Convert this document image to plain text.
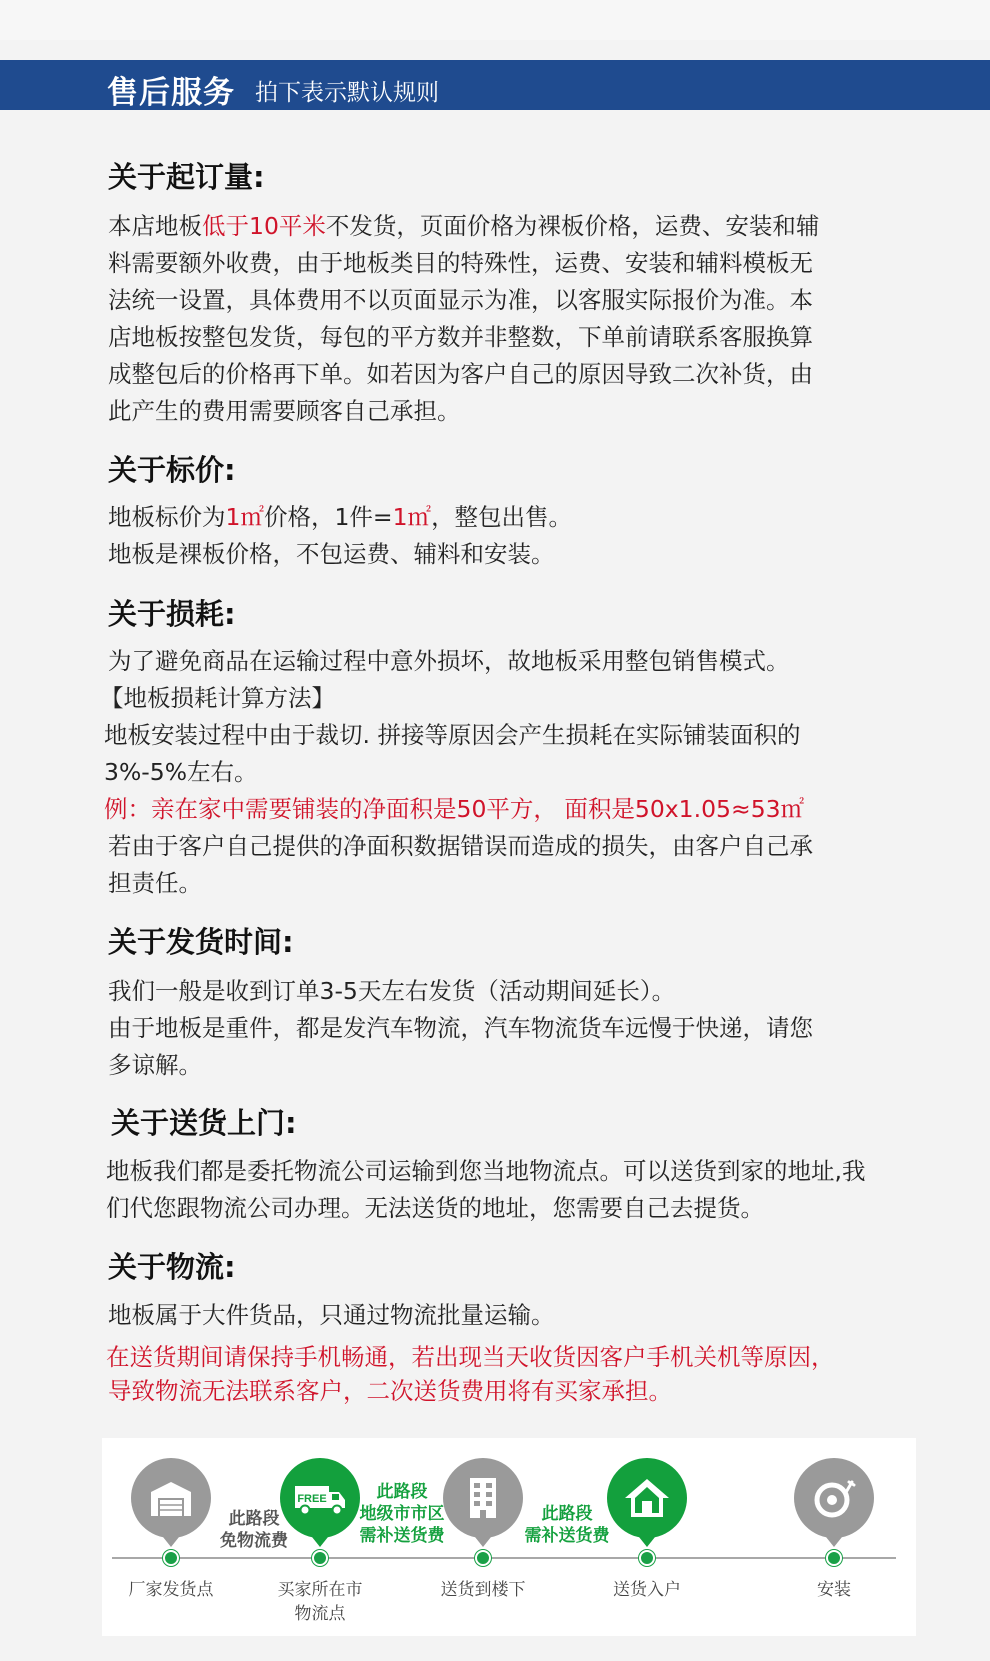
售后服务 拍下表示默认规则
关于起订量:
本店地板低于10平米不发货，页面价格为裸板价格，运费、安装和辅
料需要额外收费，由于地板类目的特殊性，运费、安装和辅料模板无
法统一设置，具体费用不以页面显示为准，以客服实际报价为准。本
店地板按整包发货，每包的平方数并非整数，下单前请联系客服换算
成整包后的价格再下单。如若因为客户自己的原因导致二次补货，由
此产生的费用需要顾客自己承担。
关于标价:
地板标价为1㎡价格，1件=1㎡，整包出售。
地板是裸板价格，不包运费、辅料和安装。
关于损耗:
为了避免商品在运输过程中意外损坏，故地板采用整包销售模式。
【地板损耗计算方法】
地板安装过程中由于裁切. 拼接等原因会产生损耗在实际铺装面积的
3%-5%左右。
例：亲在家中需要铺装的净面积是50平方， 面积是50x1.05≈53㎡
若由于客户自己提供的净面积数据错误而造成的损失，由客户自己承
担责任。
关于发货时间:
我们一般是收到订单3-5天左右发货（活动期间延长）。
由于地板是重件，都是发汽车物流，汽车物流货车远慢于快递，请您
多谅解。
关于送货上门:
地板我们都是委托物流公司运输到您当地物流点。可以送货到家的地址,我
们代您跟物流公司办理。无法送货的地址，您需要自己去提货。
关于物流:
地板属于大件货品，只通过物流批量运输。
在送货期间请保持手机畅通，若出现当天收货因客户手机关机等原因，
导致物流无法联系客户，二次送货费用将有买家承担。
厂家发货点
此路段
免物流费
FREE
买家所在市
物流点
此路段
地级市市区
需补送货费
送货到楼下
此路段
需补送货费
送货入户	安装
